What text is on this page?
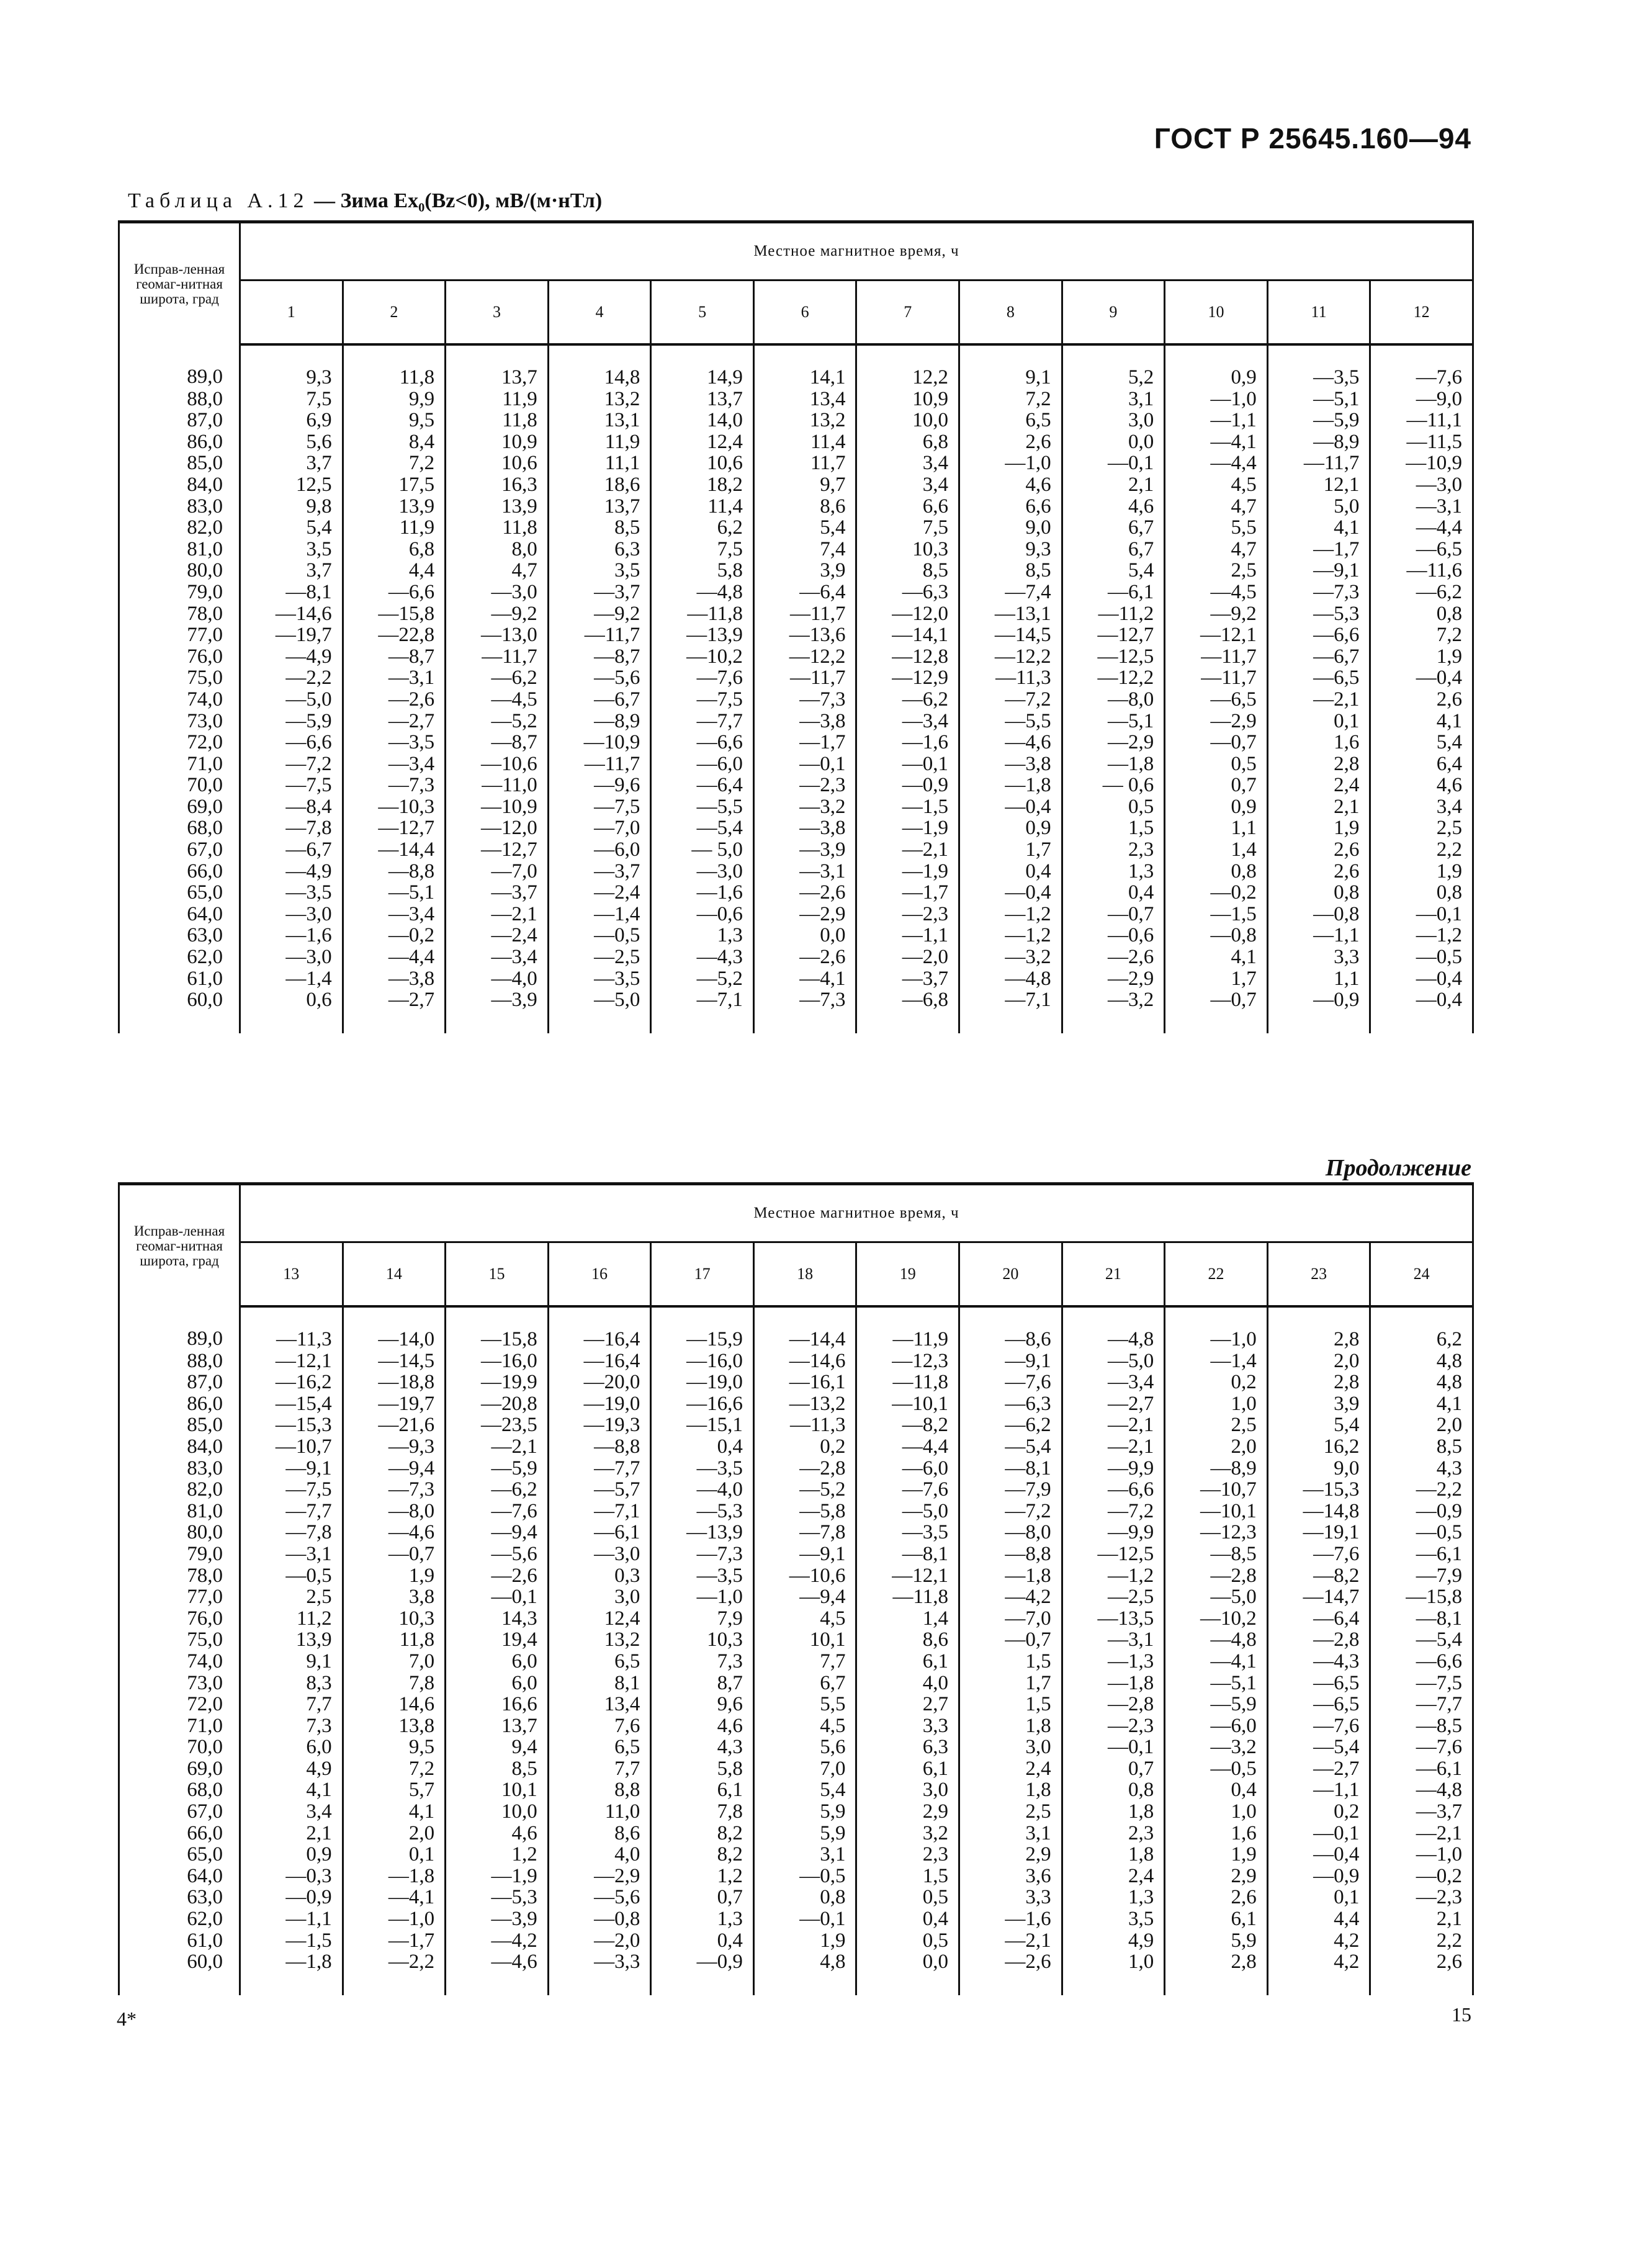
ГОСТ Р 25645.160—94
Таблица А.12 — Зима Ex₀(Bz<0), мВ/(м·нТл)
Исправ-ленная геомаг-нитная широта, град	Местное магнитное время, ч											
	1	2	3	4	5	6	7	8	9	10	11	12
89,0	9,3	11,8	13,7	14,8	14,9	14,1	12,2	9,1	5,2	0,9	—3,5	—7,6
88,0	7,5	9,9	11,9	13,2	13,7	13,4	10,9	7,2	3,1	—1,0	—5,1	—9,0
87,0	6,9	9,5	11,8	13,1	14,0	13,2	10,0	6,5	3,0	—1,1	—5,9	—11,1
86,0	5,6	8,4	10,9	11,9	12,4	11,4	6,8	2,6	0,0	—4,1	—8,9	—11,5
85,0	3,7	7,2	10,6	11,1	10,6	11,7	3,4	—1,0	—0,1	—4,4	—11,7	—10,9
84,0	12,5	17,5	16,3	18,6	18,2	9,7	3,4	4,6	2,1	4,5	12,1	—3,0
83,0	9,8	13,9	13,9	13,7	11,4	8,6	6,6	6,6	4,6	4,7	5,0	—3,1
82,0	5,4	11,9	11,8	8,5	6,2	5,4	7,5	9,0	6,7	5,5	4,1	—4,4
81,0	3,5	6,8	8,0	6,3	7,5	7,4	10,3	9,3	6,7	4,7	—1,7	—6,5
80,0	3,7	4,4	4,7	3,5	5,8	3,9	8,5	8,5	5,4	2,5	—9,1	—11,6
79,0	—8,1	—6,6	—3,0	—3,7	—4,8	—6,4	—6,3	—7,4	—6,1	—4,5	—7,3	—6,2
78,0	—14,6	—15,8	—9,2	—9,2	—11,8	—11,7	—12,0	—13,1	—11,2	—9,2	—5,3	0,8
77,0	—19,7	—22,8	—13,0	—11,7	—13,9	—13,6	—14,1	—14,5	—12,7	—12,1	—6,6	7,2
76,0	—4,9	—8,7	—11,7	—8,7	—10,2	—12,2	—12,8	—12,2	—12,5	—11,7	—6,7	1,9
75,0	—2,2	—3,1	—6,2	—5,6	—7,6	—11,7	—12,9	—11,3	—12,2	—11,7	—6,5	—0,4
74,0	—5,0	—2,6	—4,5	—6,7	—7,5	—7,3	—6,2	—7,2	—8,0	—6,5	—2,1	2,6
73,0	—5,9	—2,7	—5,2	—8,9	—7,7	—3,8	—3,4	—5,5	—5,1	—2,9	0,1	4,1
72,0	—6,6	—3,5	—8,7	—10,9	—6,6	—1,7	—1,6	—4,6	—2,9	—0,7	1,6	5,4
71,0	—7,2	—3,4	—10,6	—11,7	—6,0	—0,1	—0,1	—3,8	—1,8	0,5	2,8	6,4
70,0	—7,5	—7,3	—11,0	—9,6	—6,4	—2,3	—0,9	—1,8	— 0,6	0,7	2,4	4,6
69,0	—8,4	—10,3	—10,9	—7,5	—5,5	—3,2	—1,5	—0,4	0,5	0,9	2,1	3,4
68,0	—7,8	—12,7	—12,0	—7,0	—5,4	—3,8	—1,9	0,9	1,5	1,1	1,9	2,5
67,0	—6,7	—14,4	—12,7	—6,0	— 5,0	—3,9	—2,1	1,7	2,3	1,4	2,6	2,2
66,0	—4,9	—8,8	—7,0	—3,7	—3,0	—3,1	—1,9	0,4	1,3	0,8	2,6	1,9
65,0	—3,5	—5,1	—3,7	—2,4	—1,6	—2,6	—1,7	—0,4	0,4	—0,2	0,8	0,8
64,0	—3,0	—3,4	—2,1	—1,4	—0,6	—2,9	—2,3	—1,2	—0,7	—1,5	—0,8	—0,1
63,0	—1,6	—0,2	—2,4	—0,5	1,3	0,0	—1,1	—1,2	—0,6	—0,8	—1,1	—1,2
62,0	—3,0	—4,4	—3,4	—2,5	—4,3	—2,6	—2,0	—3,2	—2,6	4,1	3,3	—0,5
61,0	—1,4	—3,8	—4,0	—3,5	—5,2	—4,1	—3,7	—4,8	—2,9	1,7	1,1	—0,4
60,0	0,6	—2,7	—3,9	—5,0	—7,1	—7,3	—6,8	—7,1	—3,2	—0,7	—0,9	—0,4
Продолжение
Исправ-ленная геомаг-нитная широта, град	Местное магнитное время, ч											
	13	14	15	16	17	18	19	20	21	22	23	24
89,0	—11,3	—14,0	—15,8	—16,4	—15,9	—14,4	—11,9	—8,6	—4,8	—1,0	2,8	6,2
88,0	—12,1	—14,5	—16,0	—16,4	—16,0	—14,6	—12,3	—9,1	—5,0	—1,4	2,0	4,8
87,0	—16,2	—18,8	—19,9	—20,0	—19,0	—16,1	—11,8	—7,6	—3,4	0,2	2,8	4,8
86,0	—15,4	—19,7	—20,8	—19,0	—16,6	—13,2	—10,1	—6,3	—2,7	1,0	3,9	4,1
85,0	—15,3	—21,6	—23,5	—19,3	—15,1	—11,3	—8,2	—6,2	—2,1	2,5	5,4	2,0
84,0	—10,7	—9,3	—2,1	—8,8	0,4	0,2	—4,4	—5,4	—2,1	2,0	16,2	8,5
83,0	—9,1	—9,4	—5,9	—7,7	—3,5	—2,8	—6,0	—8,1	—9,9	—8,9	9,0	4,3
82,0	—7,5	—7,3	—6,2	—5,7	—4,0	—5,2	—7,6	—7,9	—6,6	—10,7	—15,3	—2,2
81,0	—7,7	—8,0	—7,6	—7,1	—5,3	—5,8	—5,0	—7,2	—7,2	—10,1	—14,8	—0,9
80,0	—7,8	—4,6	—9,4	—6,1	—13,9	—7,8	—3,5	—8,0	—9,9	—12,3	—19,1	—0,5
79,0	—3,1	—0,7	—5,6	—3,0	—7,3	—9,1	—8,1	—8,8	—12,5	—8,5	—7,6	—6,1
78,0	—0,5	1,9	—2,6	0,3	—3,5	—10,6	—12,1	—1,8	—1,2	—2,8	—8,2	—7,9
77,0	2,5	3,8	—0,1	3,0	—1,0	—9,4	—11,8	—4,2	—2,5	—5,0	—14,7	—15,8
76,0	11,2	10,3	14,3	12,4	7,9	4,5	1,4	—7,0	—13,5	—10,2	—6,4	—8,1
75,0	13,9	11,8	19,4	13,2	10,3	10,1	8,6	—0,7	—3,1	—4,8	—2,8	—5,4
74,0	9,1	7,0	6,0	6,5	7,3	7,7	6,1	1,5	—1,3	—4,1	—4,3	—6,6
73,0	8,3	7,8	6,0	8,1	8,7	6,7	4,0	1,7	—1,8	—5,1	—6,5	—7,5
72,0	7,7	14,6	16,6	13,4	9,6	5,5	2,7	1,5	—2,8	—5,9	—6,5	—7,7
71,0	7,3	13,8	13,7	7,6	4,6	4,5	3,3	1,8	—2,3	—6,0	—7,6	—8,5
70,0	6,0	9,5	9,4	6,5	4,3	5,6	6,3	3,0	—0,1	—3,2	—5,4	—7,6
69,0	4,9	7,2	8,5	7,7	5,8	7,0	6,1	2,4	0,7	—0,5	—2,7	—6,1
68,0	4,1	5,7	10,1	8,8	6,1	5,4	3,0	1,8	0,8	0,4	—1,1	—4,8
67,0	3,4	4,1	10,0	11,0	7,8	5,9	2,9	2,5	1,8	1,0	0,2	—3,7
66,0	2,1	2,0	4,6	8,6	8,2	5,9	3,2	3,1	2,3	1,6	—0,1	—2,1
65,0	0,9	0,1	1,2	4,0	8,2	3,1	2,3	2,9	1,8	1,9	—0,4	—1,0
64,0	—0,3	—1,8	—1,9	—2,9	1,2	—0,5	1,5	3,6	2,4	2,9	—0,9	—0,2
63,0	—0,9	—4,1	—5,3	—5,6	0,7	0,8	0,5	3,3	1,3	2,6	0,1	—2,3
62,0	—1,1	—1,0	—3,9	—0,8	1,3	—0,1	0,4	—1,6	3,5	6,1	4,4	2,1
61,0	—1,5	—1,7	—4,2	—2,0	0,4	1,9	0,5	—2,1	4,9	5,9	4,2	2,2
60,0	—1,8	—2,2	—4,6	—3,3	—0,9	4,8	0,0	—2,6	1,0	2,8	4,2	2,6
4*	15
